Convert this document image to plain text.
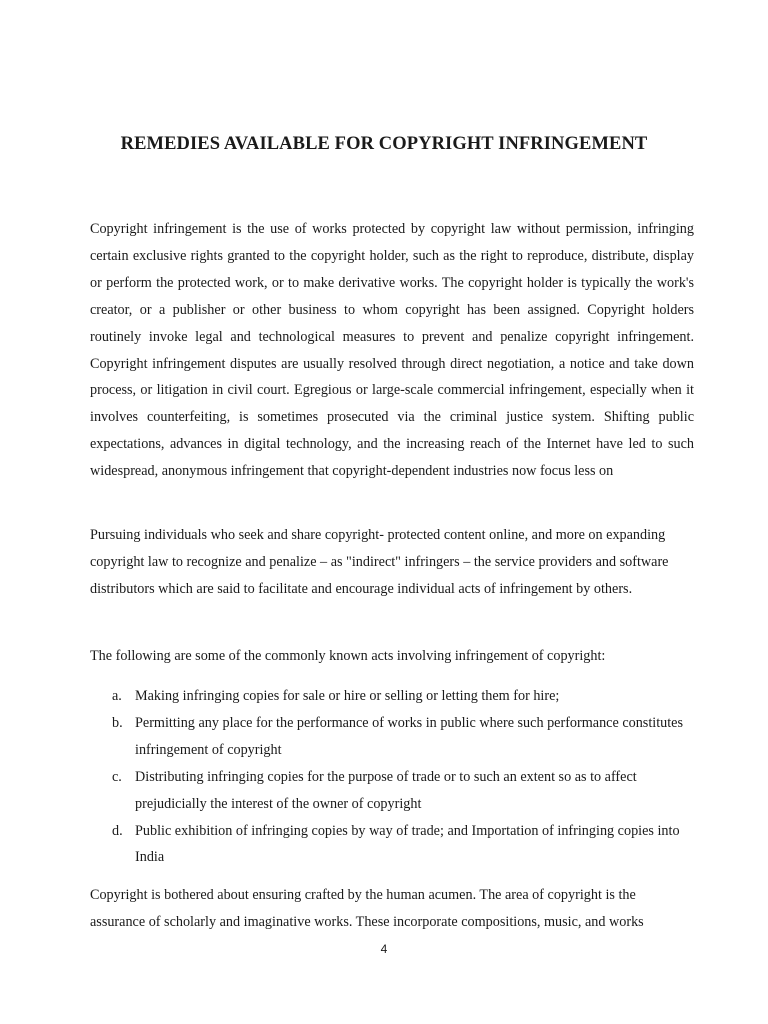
REMEDIES AVAILABLE FOR COPYRIGHT INFRINGEMENT

Copyright infringement is the use of works protected by copyright law without permission, infringing certain exclusive rights granted to the copyright holder, such as the right to reproduce, distribute, display or perform the protected work, or to make derivative works. The copyright holder is typically the work's creator, or a publisher or other business to whom copyright has been assigned. Copyright holders routinely invoke legal and technological measures to prevent and penalize copyright infringement. Copyright infringement disputes are usually resolved through direct negotiation, a notice and take down process, or litigation in civil court. Egregious or large-scale commercial infringement, especially when it involves counterfeiting, is sometimes prosecuted via the criminal justice system. Shifting public expectations, advances in digital technology, and the increasing reach of the Internet have led to such widespread, anonymous infringement that copyright-dependent industries now focus less on

Pursuing individuals who seek and share copyright- protected content online, and more on expanding copyright law to recognize and penalize – as "indirect" infringers – the service providers and software distributors which are said to facilitate and encourage individual acts of infringement by others.

The following are some of the commonly known acts involving infringement of copyright:

a. Making infringing copies for sale or hire or selling or letting them for hire;
b. Permitting any place for the performance of works in public where such performance constitutes infringement of copyright
c. Distributing infringing copies for the purpose of trade or to such an extent so as to affect prejudicially the interest of the owner of copyright
d. Public exhibition of infringing copies by way of trade; and Importation of infringing copies into India

Copyright is bothered about ensuring crafted by the human acumen. The area of copyright is the assurance of scholarly and imaginative works. These incorporate compositions, music, and works

4
